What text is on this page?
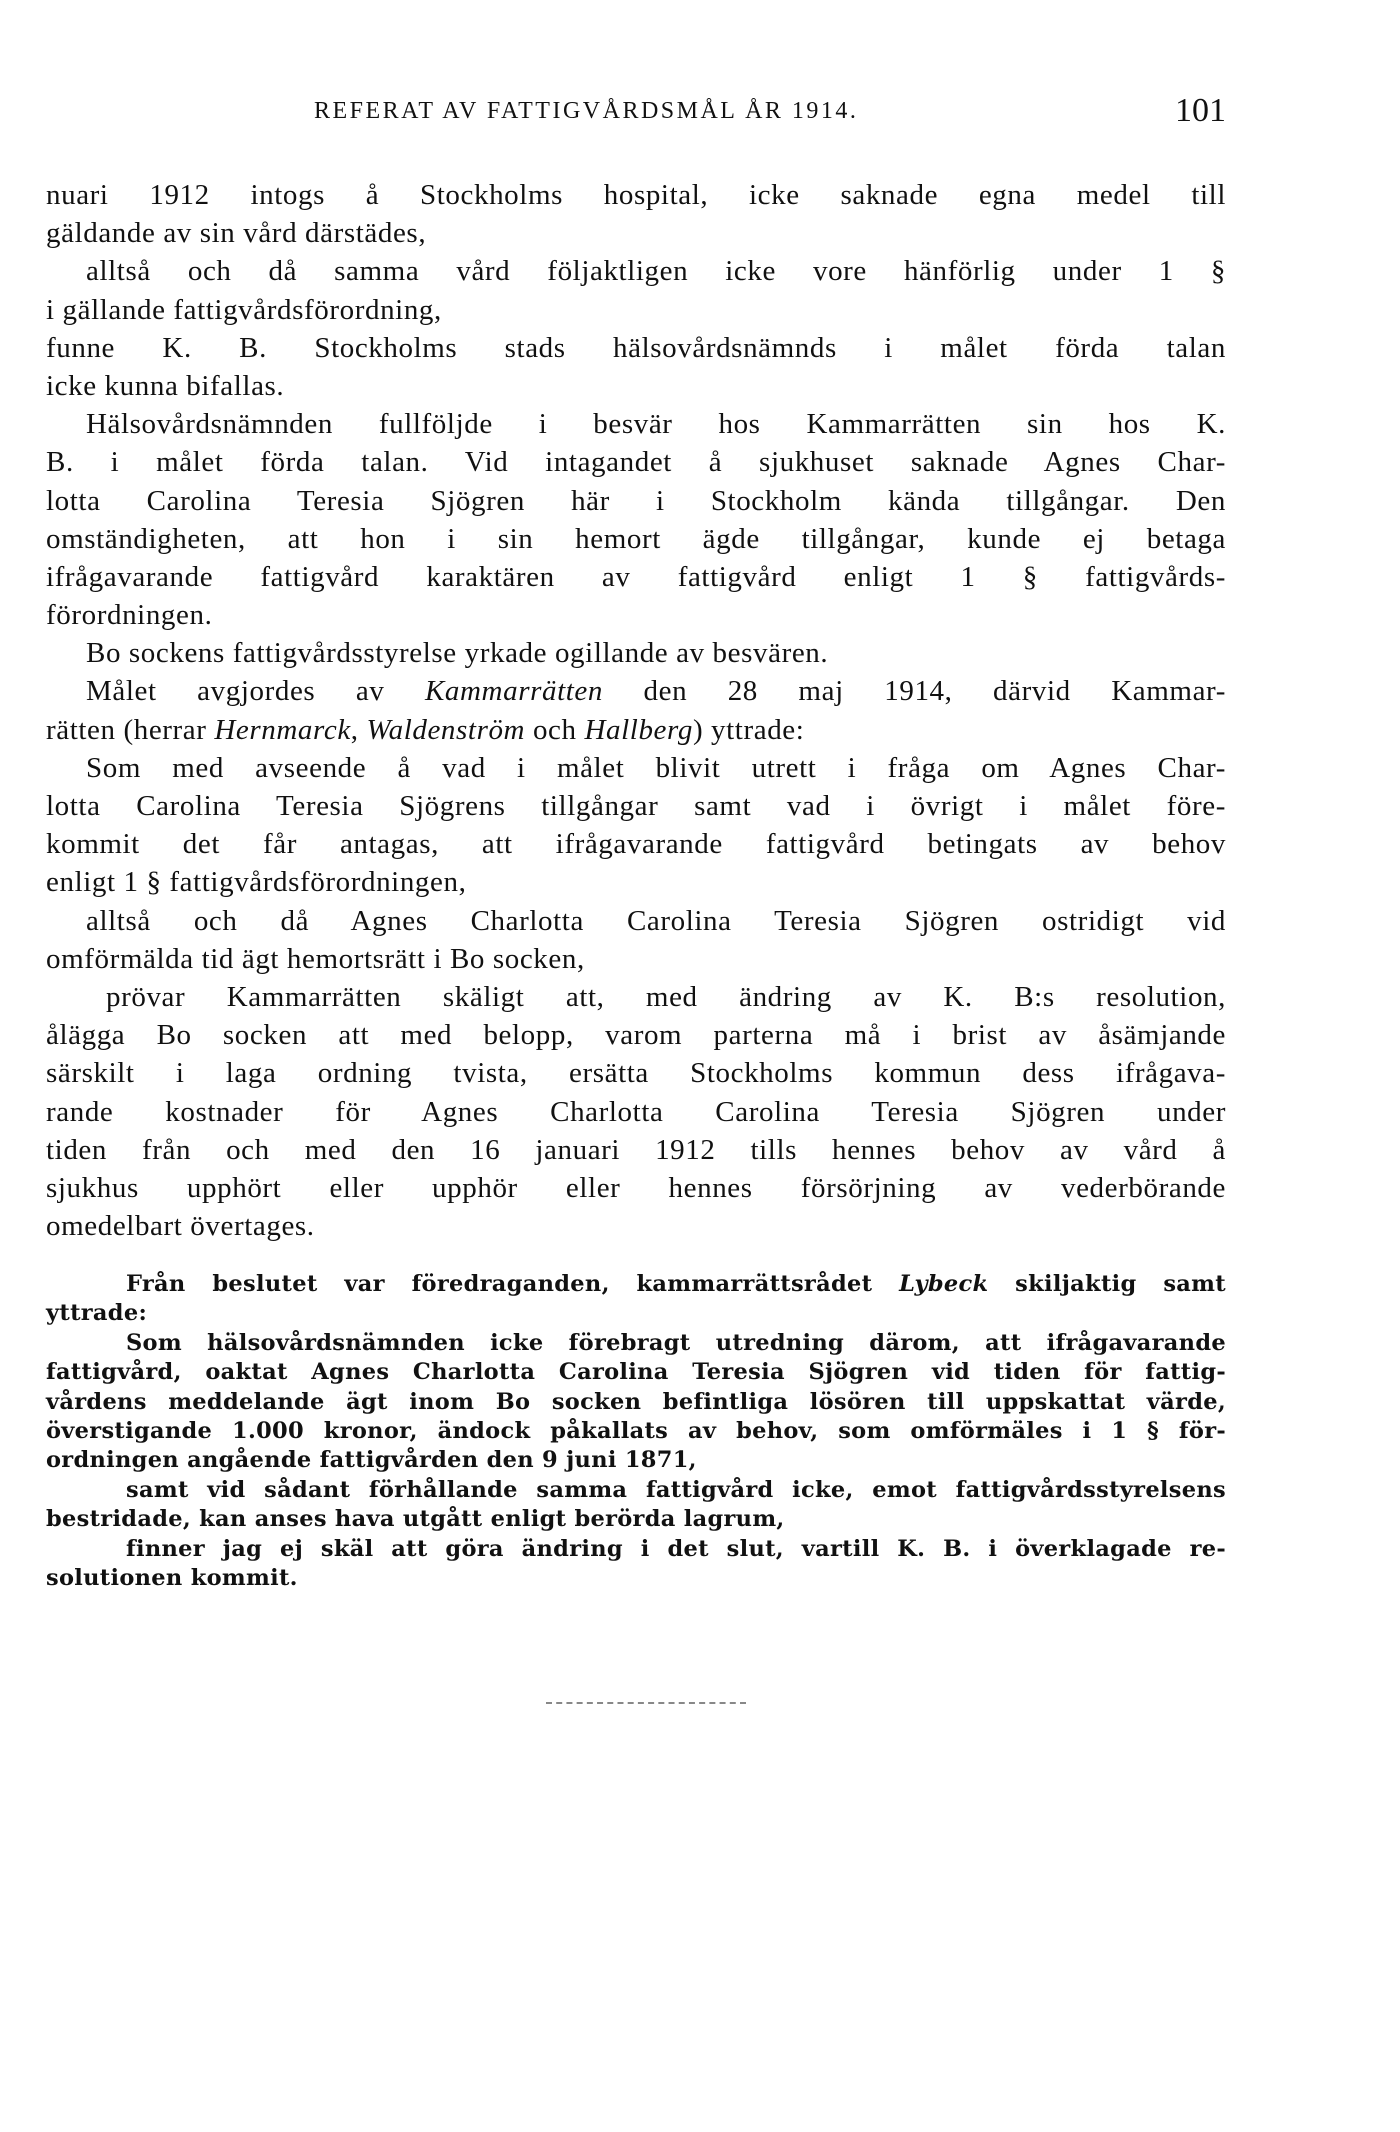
REFERAT AV FATTIGVÅRDSMÅL ÅR 1914.	101
nuari 1912 intogs å Stockholms hospital, icke saknade egna medel till
gäldande av sin vård därstädes,
alltså och då samma vård följaktligen icke vore hänförlig under 1 §
i gällande fattigvårdsförordning,
funne K. B. Stockholms stads hälsovårdsnämnds i målet förda talan
icke kunna bifallas.
Hälsovårdsnämnden fullföljde i besvär hos Kammarrätten sin hos K.
B. i målet förda talan. Vid intagandet å sjukhuset saknade Agnes Char-
lotta Carolina Teresia Sjögren här i Stockholm kända tillgångar. Den
omständigheten, att hon i sin hemort ägde tillgångar, kunde ej betaga
ifrågavarande fattigvård karaktären av fattigvård enligt 1 § fattigvårds-
förordningen.
Bo sockens fattigvårdsstyrelse yrkade ogillande av besvären.
Målet avgjordes av Kammarrätten den 28 maj 1914, därvid Kammar-
rätten (herrar Hernmarck, Waldenström och Hallberg) yttrade:
Som med avseende å vad i målet blivit utrett i fråga om Agnes Char-
lotta Carolina Teresia Sjögrens tillgångar samt vad i övrigt i målet före-
kommit det får antagas, att ifrågavarande fattigvård betingats av behov
enligt 1 § fattigvårdsförordningen,
alltså och då Agnes Charlotta Carolina Teresia Sjögren ostridigt vid
omförmälda tid ägt hemortsrätt i Bo socken,
prövar Kammarrätten skäligt att, med ändring av K. B:s resolution,
ålägga Bo socken att med belopp, varom parterna må i brist av åsämjande
särskilt i laga ordning tvista, ersätta Stockholms kommun dess ifrågava-
rande kostnader för Agnes Charlotta Carolina Teresia Sjögren under
tiden från och med den 16 januari 1912 tills hennes behov av vård å
sjukhus upphört eller upphör eller hennes försörjning av vederbörande
omedelbart övertages.
Från beslutet var föredraganden, kammarrättsrådet Lybeck skiljaktig samt
yttrade:
Som hälsovårdsnämnden icke förebragt utredning därom, att ifrågavarande
fattigvård, oaktat Agnes Charlotta Carolina Teresia Sjögren vid tiden för fattig-
vårdens meddelande ägt inom Bo socken befintliga lösören till uppskattat värde,
överstigande 1.000 kronor, ändock påkallats av behov, som omförmäles i 1 § för-
ordningen angående fattigvården den 9 juni 1871,
samt vid sådant förhållande samma fattigvård icke, emot fattigvårdsstyrelsens
bestridade, kan anses hava utgått enligt berörda lagrum,
finner jag ej skäl att göra ändring i det slut, vartill K. B. i överklagade re-
solutionen kommit.
